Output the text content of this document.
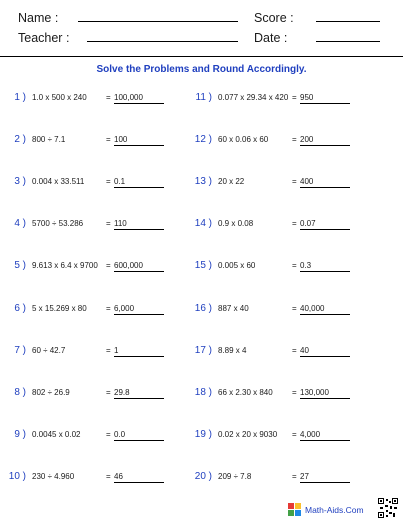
Name :	Score :
Teacher :	Date :
Solve the Problems and Round Accordingly.
1 ) 1.0 x 500 x 240 = 100,000
2 ) 800 ÷ 7.1	= 100
3 ) 0.004 x 33.511	= 0.1
4 ) 5700 ÷ 53.286	= 110
5 ) 9.613 x 6.4 x 9700 = 600,000
6 ) 5 x 15.269 x 80 = 6,000
7 ) 60 ÷ 42.7	= 1
8 ) 802 ÷ 26.9	= 29.8
9 ) 0.0045 x 0.02	= 0.0
10 ) 230 ÷ 4.960	= 46
11 ) 0.077 x 29.34 x 420 = 950
12 ) 60 x 0.06 x 60	= 200
13 ) 20 x 22	= 400
14 ) 0.9 x 0.08	= 0.07
15 ) 0.005 x 60	= 0.3
16 ) 887 x 40	= 40,000
17 ) 8.89 x 4	= 40
18 ) 66 x 2.30 x 840 = 130,000
19 ) 0.02 x 20 x 9030 = 4,000
20 ) 209 ÷ 7.8	= 27
Math-Aids.Com
